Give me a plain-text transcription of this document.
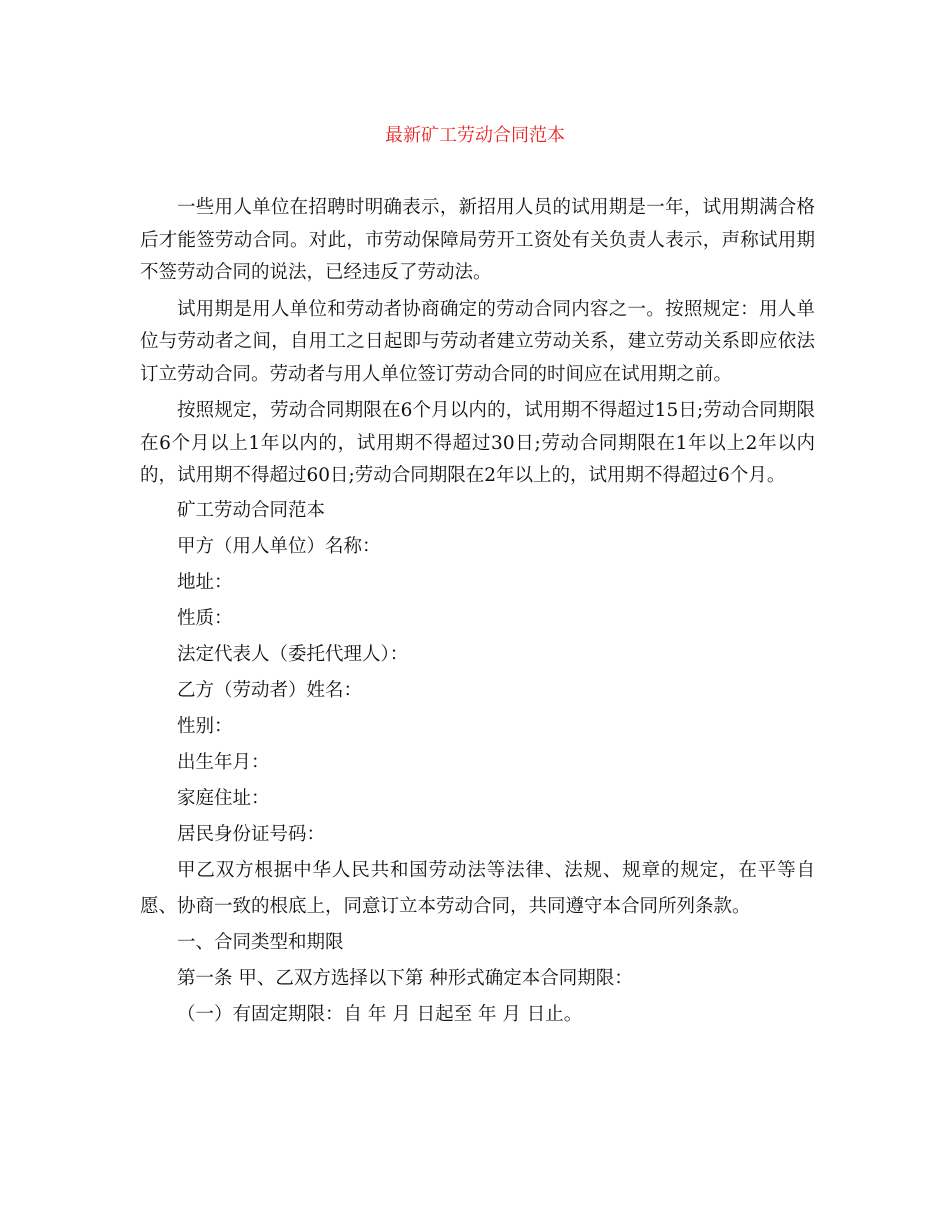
最新矿工劳动合同范本

一些用人单位在招聘时明确表示，新招用人员的试用期是一年，试用期满合格后才能签劳动合同。对此，市劳动保障局劳开工资处有关负责人表示，声称试用期不签劳动合同的说法，已经违反了劳动法。

试用期是用人单位和劳动者协商确定的劳动合同内容之一。按照规定：用人单位与劳动者之间，自用工之日起即与劳动者建立劳动关系，建立劳动关系即应依法订立劳动合同。劳动者与用人单位签订劳动合同的时间应在试用期之前。

按照规定，劳动合同期限在6个月以内的，试用期不得超过15日;劳动合同期限在6个月以上1年以内的，试用期不得超过30日;劳动合同期限在1年以上2年以内的，试用期不得超过60日;劳动合同期限在2年以上的，试用期不得超过6个月。

矿工劳动合同范本

甲方（用人单位）名称：

地址：

性质：

法定代表人（委托代理人）：

乙方（劳动者）姓名：

性别：

出生年月：

家庭住址：

居民身份证号码：

甲乙双方根据中华人民共和国劳动法等法律、法规、规章的规定，在平等自愿、协商一致的根底上，同意订立本劳动合同，共同遵守本合同所列条款。

一、合同类型和期限

第一条 甲、乙双方选择以下第 种形式确定本合同期限：

（一）有固定期限：自 年 月 日起至 年 月 日止。
